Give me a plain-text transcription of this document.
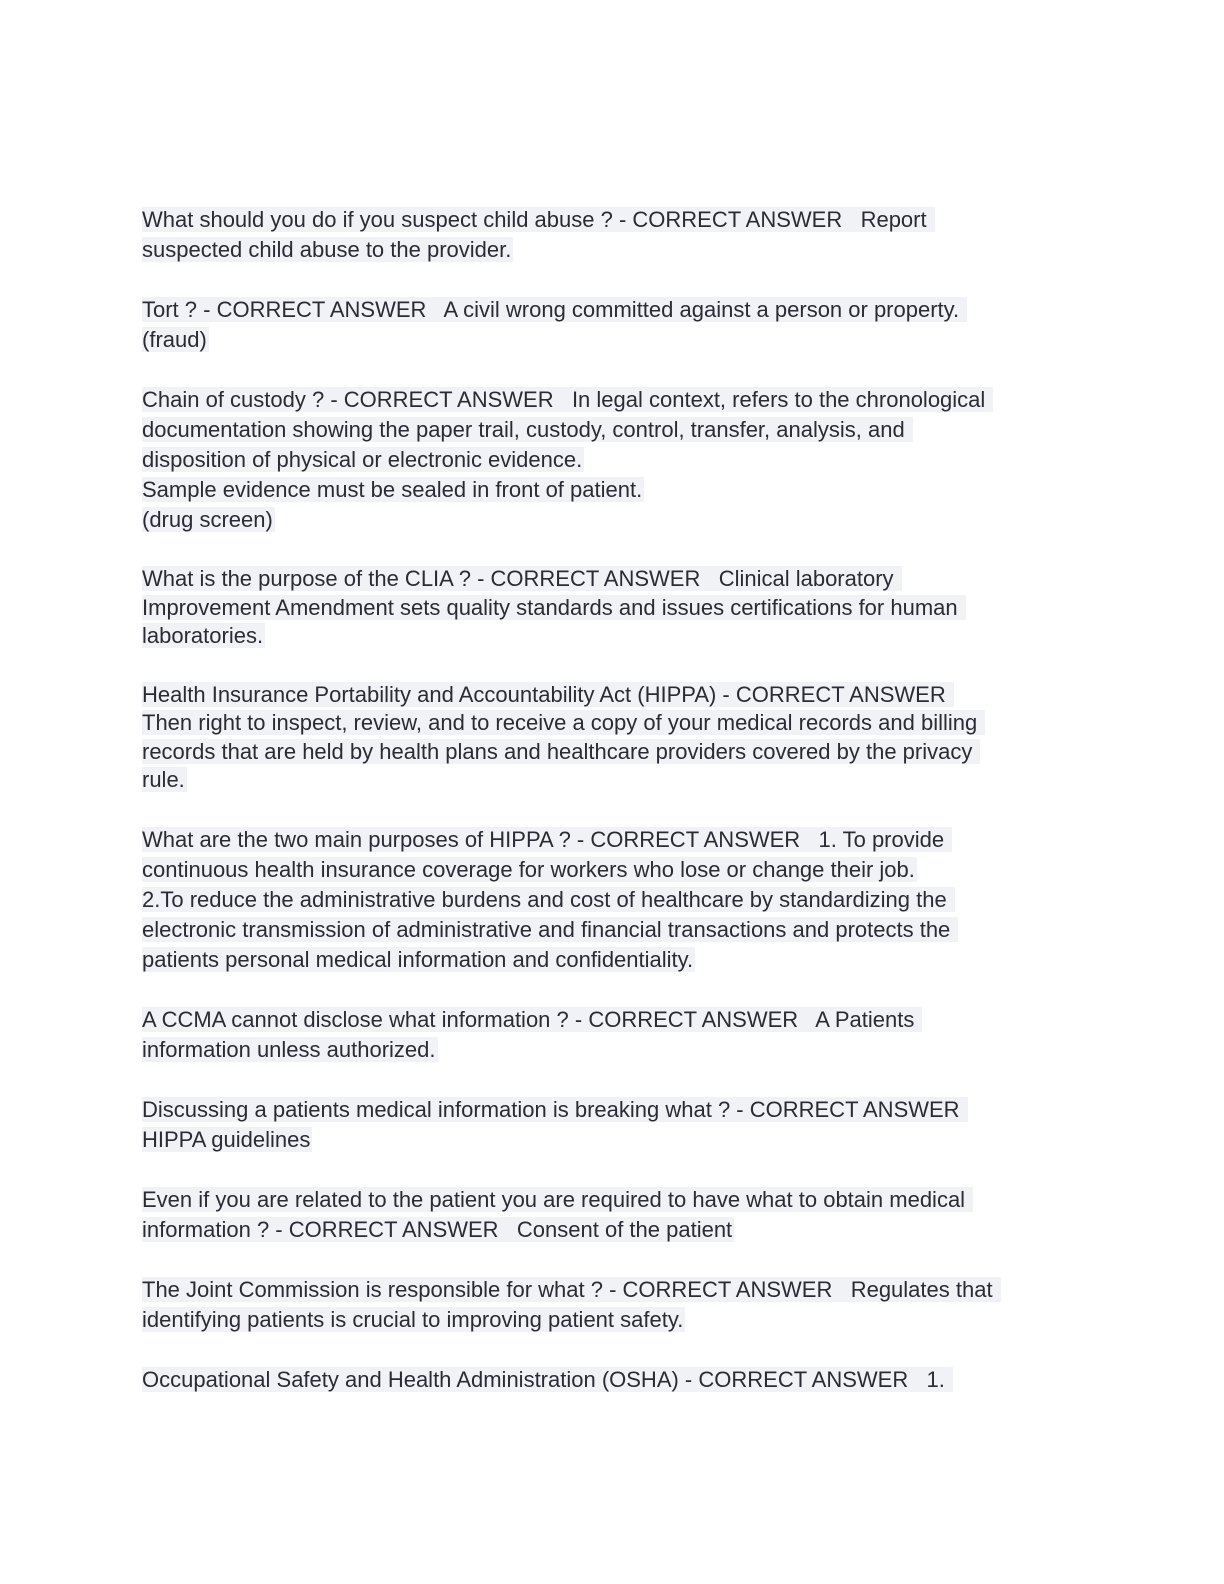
What should you do if you suspect child abuse ? - CORRECT ANSWER   Report
suspected child abuse to the provider.
Tort ? - CORRECT ANSWER   A civil wrong committed against a person or property.
(fraud)
Chain of custody ? - CORRECT ANSWER   In legal context, refers to the chronological
documentation showing the paper trail, custody, control, transfer, analysis, and
disposition of physical or electronic evidence.
Sample evidence must be sealed in front of patient.
(drug screen)
What is the purpose of the CLIA ? - CORRECT ANSWER   Clinical laboratory
Improvement Amendment sets quality standards and issues certifications for human
laboratories.
Health Insurance Portability and Accountability Act (HIPPA) - CORRECT ANSWER
Then right to inspect, review, and to receive a copy of your medical records and billing
records that are held by health plans and healthcare providers covered by the privacy
rule.
What are the two main purposes of HIPPA ? - CORRECT ANSWER   1. To provide
continuous health insurance coverage for workers who lose or change their job.
2.To reduce the administrative burdens and cost of healthcare by standardizing the
electronic transmission of administrative and financial transactions and protects the
patients personal medical information and confidentiality.
A CCMA cannot disclose what information ? - CORRECT ANSWER   A Patients
information unless authorized.
Discussing a patients medical information is breaking what ? - CORRECT ANSWER
HIPPA guidelines
Even if you are related to the patient you are required to have what to obtain medical
information ? - CORRECT ANSWER   Consent of the patient
The Joint Commission is responsible for what ? - CORRECT ANSWER   Regulates that
identifying patients is crucial to improving patient safety.
Occupational Safety and Health Administration (OSHA) - CORRECT ANSWER   1.
